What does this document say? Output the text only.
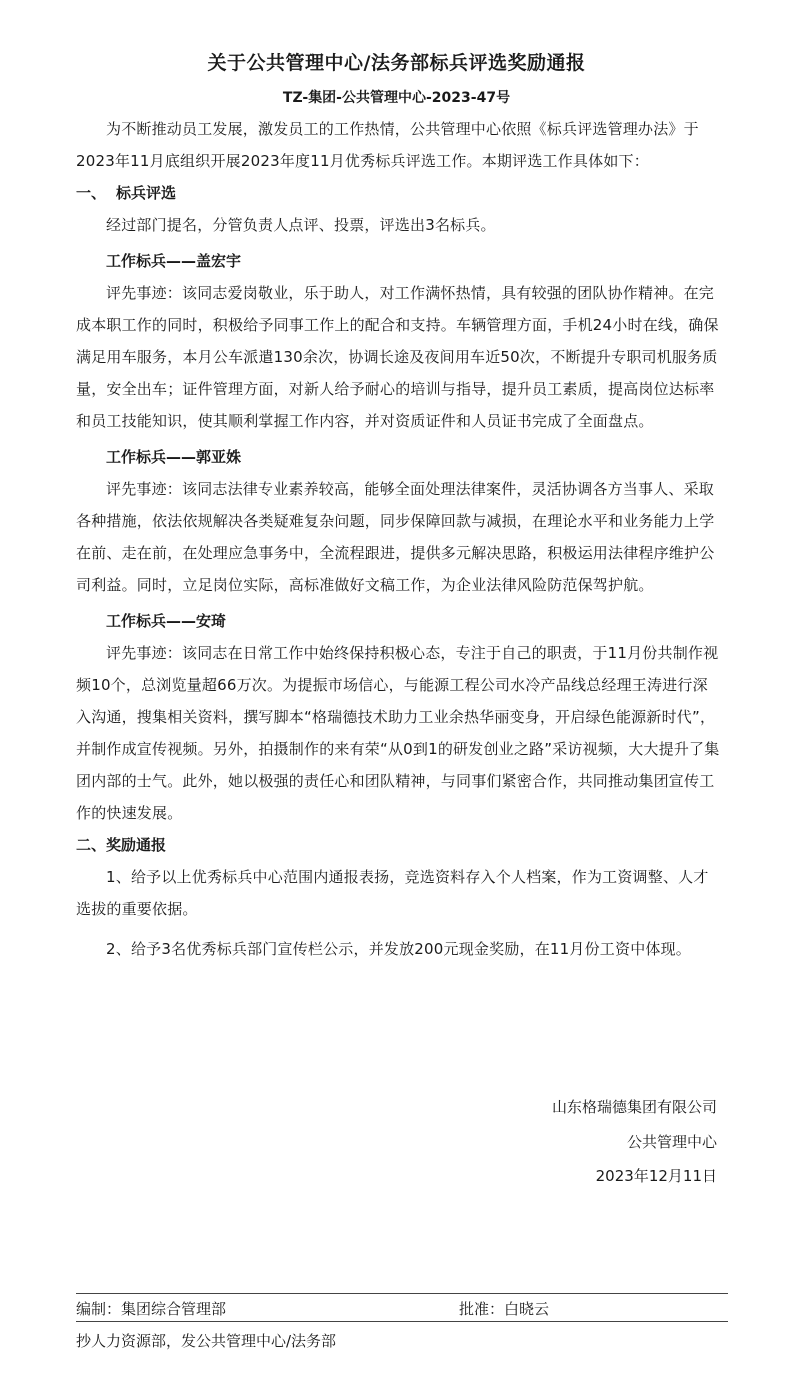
关于公共管理中心/法务部标兵评选奖励通报
TZ-集团-公共管理中心-2023-47号

为不断推动员工发展，激发员工的工作热情，公共管理中心依照《标兵评选管理办法》于2023年11月底组织开展2023年度11月优秀标兵评选工作。本期评选工作具体如下：

一、 标兵评选

经过部门提名，分管负责人点评、投票，评选出3名标兵。

工作标兵——盖宏宇

评先事迹：该同志爱岗敬业，乐于助人，对工作满怀热情，具有较强的团队协作精神。在完成本职工作的同时，积极给予同事工作上的配合和支持。车辆管理方面，手机24小时在线，确保满足用车服务，本月公车派遣130余次，协调长途及夜间用车近50次，不断提升专职司机服务质量，安全出车；证件管理方面，对新人给予耐心的培训与指导，提升员工素质，提高岗位达标率和员工技能知识，使其顺利掌握工作内容，并对资质证件和人员证书完成了全面盘点。

工作标兵——郭亚姝

评先事迹：该同志法律专业素养较高，能够全面处理法律案件，灵活协调各方当事人、采取各种措施，依法依规解决各类疑难复杂问题，同步保障回款与减损，在理论水平和业务能力上学在前、走在前，在处理应急事务中，全流程跟进，提供多元解决思路，积极运用法律程序维护公司利益。同时，立足岗位实际，高标准做好文稿工作，为企业法律风险防范保驾护航。

工作标兵——安琦

评先事迹：该同志在日常工作中始终保持积极心态，专注于自己的职责，于11月份共制作视频10个，总浏览量超66万次。为提振市场信心，与能源工程公司水冷产品线总经理王涛进行深入沟通，搜集相关资料，撰写脚本“格瑞德技术助力工业余热华丽变身，开启绿色能源新时代”，并制作成宣传视频。另外，拍摄制作的来有荣“从0到1的研发创业之路”采访视频，大大提升了集团内部的士气。此外，她以极强的责任心和团队精神，与同事们紧密合作，共同推动集团宣传工作的快速发展。

二、奖励通报

1、给予以上优秀标兵中心范围内通报表扬，竞选资料存入个人档案，作为工资调整、人才选拔的重要依据。

2、给予3名优秀标兵部门宣传栏公示，并发放200元现金奖励，在11月份工资中体现。

山东格瑞德集团有限公司
公共管理中心
2023年12月11日
编制：集团综合管理部	批准：白晓云
抄人力资源部，发公共管理中心/法务部
